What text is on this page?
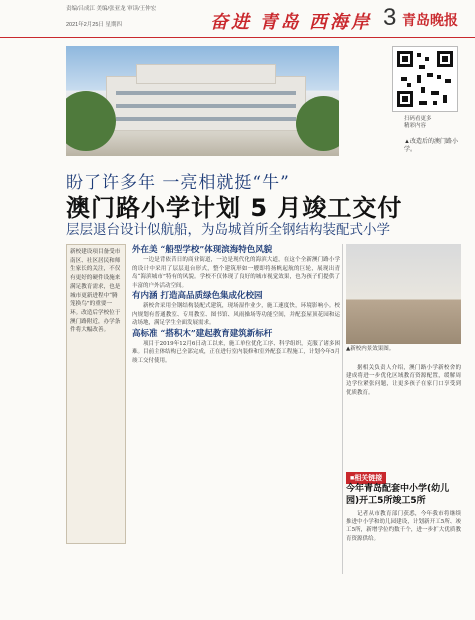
责编/吕成江 美编/张亚龙 审读/王仲宏
2021年2月25日 星期四	奋进 青岛 西海岸 3 青岛晚报
扫码看更多
精彩内容
▲改造后的澳门路小学。
盼了许多年 一亮相就挺“牛”
澳门路小学计划 5 月竣工交付
层层退台设计似航船，为岛城首所全钢结构装配式小学
新校建设项目备受市南区、社区居民和师生家长的关注，不仅有更好的硬件设施来满足教育需求，也是城市更新进程中“腾笼换鸟”的重要一环。改造后学校位于澳门路附近，办学条件将大幅改善。
外在美 “船型学校”体现滨海特色风貌

一边是背依昔日的商业街道，一边是现代化的海滨大道，在这个全新澳门路小学的设计中采用了层层退台形式，整个建筑形如一艘即将扬帆起航的巨轮，展现出青岛“海滨城市”特有的风貌。学校不仅体现了良好的城市视觉效果，也为孩子们提供了丰富的户外活动空间。

有内涵 打造高品质绿色集成化校园

新校舍采用全钢结构装配式建筑，现场湿作业少，施工速度快，环境影响小。校内规划有普通教室、专用教室、图书馆、风雨操场等功能空间，并配套屋顶花园和运动场地，满足学生全面发展需求。

高标准 “搭积木”建起教育建筑新标杆

项目于2019年12月6日动工以来，施工单位优化工序、科学组织，克服了诸多困难。目前主体结构已全部完成，正在进行室内装修和室外配套工程施工，计划今年5月竣工交付使用。

▲新校内景效果图。

据相关负责人介绍，澳门路小学新校舍的建成将进一步优化区域教育资源配置，缓解周边学位紧张问题，让更多孩子在家门口享受到优质教育。

■相关链接
今年青岛配套中小学(幼儿园)开工5所竣工5所

记者从市教育部门获悉，今年我市将继续推进中小学和幼儿园建设，计划新开工5所、竣工5所，新增学位约数千个，进一步扩大优质教育资源供给。
